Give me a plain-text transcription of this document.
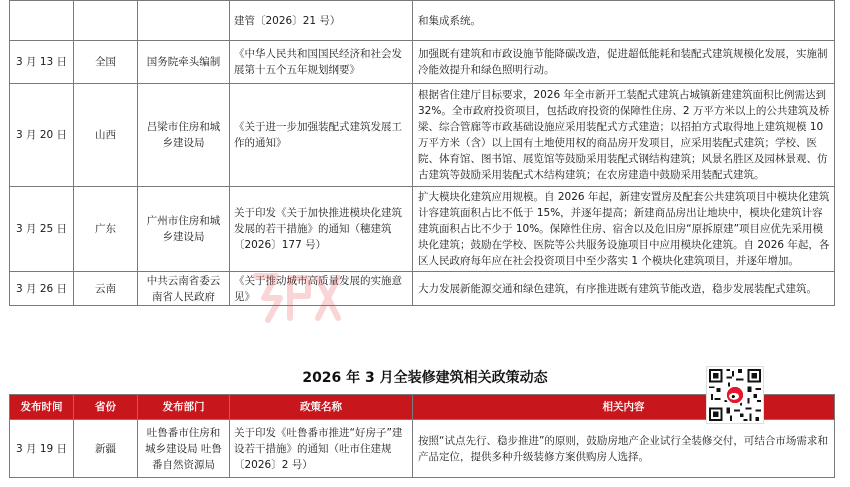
			建管〔2026〕21 号）	和集成系统。
3 月 13 日	全国	国务院牵头编制	《中华人民共和国国民经济和社会发展第十五个五年规划纲要》	加强既有建筑和市政设施节能降碳改造，促进超低能耗和装配式建筑规模化发展，实施制冷能效提升和绿色照明行动。
3 月 20 日	山西	吕梁市住房和城乡建设局	《关于进一步加强装配式建筑发展工作的通知》	根据省住建厅目标要求，2026 年全市新开工装配式建筑占城镇新建建筑面积比例需达到 32%。全市政府投资项目，包括政府投资的保障性住房、2 万平方米以上的公共建筑及桥梁、综合管廊等市政基础设施应采用装配式方式建造；以招拍方式取得地上建筑规模 10 万平方米（含）以上国有土地使用权的商品房开发项目，应采用装配式建筑；学校、医院、体育馆、图书馆、展览馆等鼓励采用装配式钢结构建筑；风景名胜区及园林景观、仿古建筑等鼓励采用装配式木结构建筑；在农房建造中鼓励采用装配式建筑。
3 月 25 日	广东	广州市住房和城乡建设局	关于印发《关于加快推进模块化建筑发展的若干措施》的通知（穗建筑〔2026〕177 号）	扩大模块化建筑应用规模。自 2026 年起，新建安置房及配套公共建筑项目中模块化建筑计容建筑面积占比不低于 15%，并逐年提高；新建商品房出让地块中，模块化建筑计容建筑面积占比不少于 10%。保障性住房、宿舍以及危旧房“原拆原建”项目应优先采用模块化建筑；鼓励在学校、医院等公共服务设施项目中应用模块化建筑。自 2026 年起，各区人民政府每年应在社会投资项目中至少落实 1 个模块化建筑项目，并逐年增加。
3 月 26 日	云南	中共云南省委云南省人民政府	《关于推动城市高质量发展的实施意见》	大力发展新能源交通和绿色建筑，有序推进既有建筑节能改造，稳步发展装配式建筑。
2026 年 3 月全装修建筑相关政策动态
发布时间	省份	发布部门	政策名称	相关内容
3 月 19 日	新疆	吐鲁番市住房和城乡建设局 吐鲁番自然资源局	关于印发《吐鲁番市推进“好房子”建设若干措施》的通知（吐市住建规〔2026〕2 号）	按照“试点先行、稳步推进”的原则，鼓励房地产企业试行全装修交付，可结合市场需求和产品定位，提供多种升级装修方案供购房人选择。
